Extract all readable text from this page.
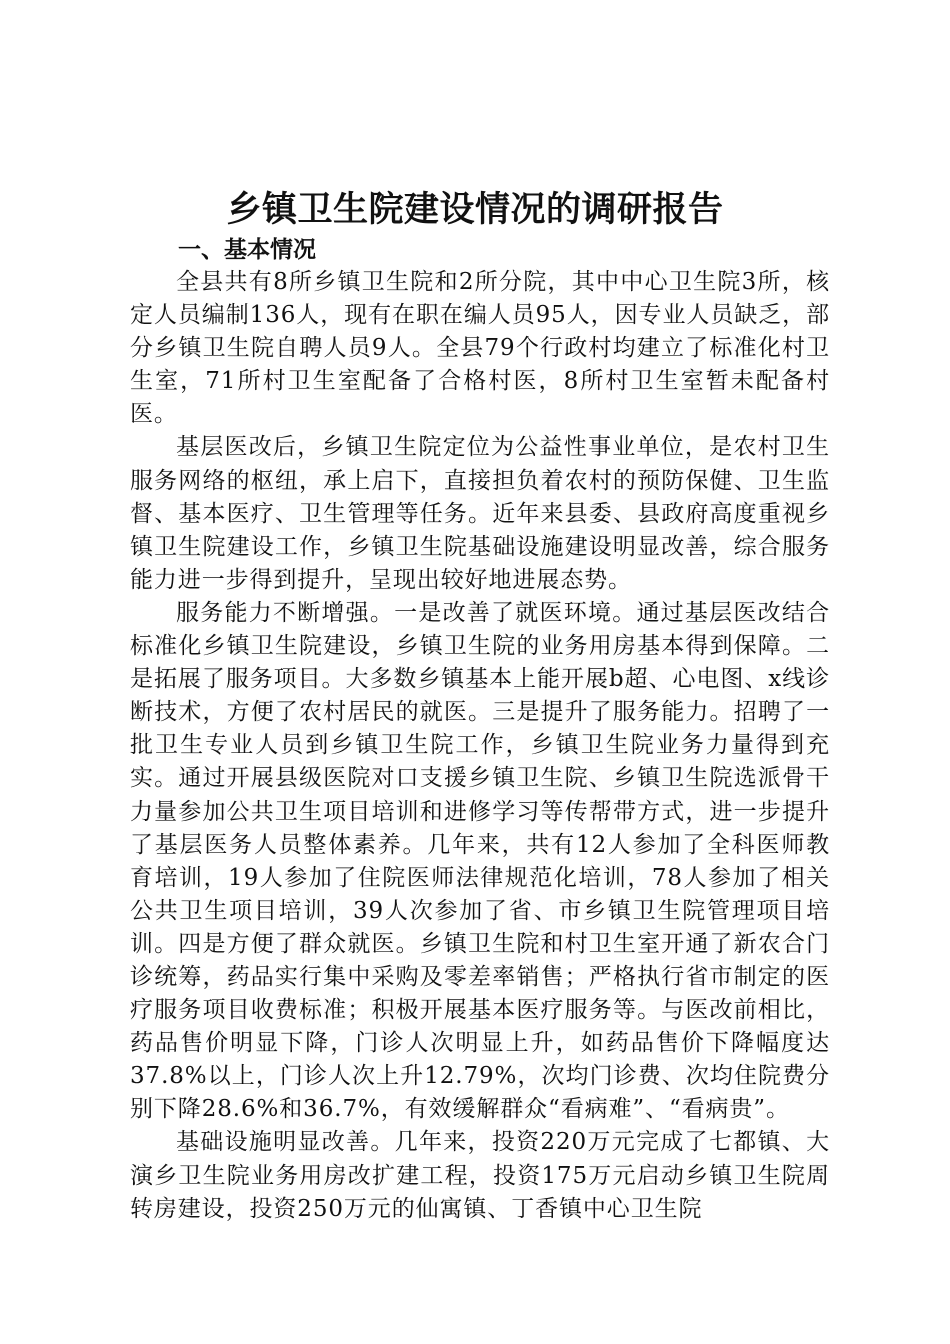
乡镇卫生院建设情况的调研报告
一、基本情况

全县共有8所乡镇卫生院和2所分院，其中中心卫生院3所，核定人员编制136人，现有在职在编人员95人，因专业人员缺乏，部分乡镇卫生院自聘人员9人。全县79个行政村均建立了标准化村卫生室，71所村卫生室配备了合格村医，8所村卫生室暂未配备村医。

基层医改后，乡镇卫生院定位为公益性事业单位，是农村卫生服务网络的枢纽，承上启下，直接担负着农村的预防保健、卫生监督、基本医疗、卫生管理等任务。近年来县委、县政府高度重视乡镇卫生院建设工作，乡镇卫生院基础设施建设明显改善，综合服务能力进一步得到提升，呈现出较好地进展态势。

服务能力不断增强。一是改善了就医环境。通过基层医改结合标准化乡镇卫生院建设，乡镇卫生院的业务用房基本得到保障。二是拓展了服务项目。大多数乡镇基本上能开展b超、心电图、x线诊断技术，方便了农村居民的就医。三是提升了服务能力。招聘了一批卫生专业人员到乡镇卫生院工作，乡镇卫生院业务力量得到充实。通过开展县级医院对口支援乡镇卫生院、乡镇卫生院选派骨干力量参加公共卫生项目培训和进修学习等传帮带方式，进一步提升了基层医务人员整体素养。几年来，共有12人参加了全科医师教育培训，19人参加了住院医师法律规范化培训，78人参加了相关公共卫生项目培训，39人次参加了省、市乡镇卫生院管理项目培训。四是方便了群众就医。乡镇卫生院和村卫生室开通了新农合门诊统筹，药品实行集中采购及零差率销售；严格执行省市制定的医疗服务项目收费标准；积极开展基本医疗服务等。与医改前相比，药品售价明显下降，门诊人次明显上升，如药品售价下降幅度达37.8%以上，门诊人次上升12.79%，次均门诊费、次均住院费分别下降28.6%和36.7%，有效缓解群众“看病难”、“看病贵”。

基础设施明显改善。几年来，投资220万元完成了七都镇、大演乡卫生院业务用房改扩建工程，投资175万元启动乡镇卫生院周转房建设，投资250万元的仙寓镇、丁香镇中心卫生院
